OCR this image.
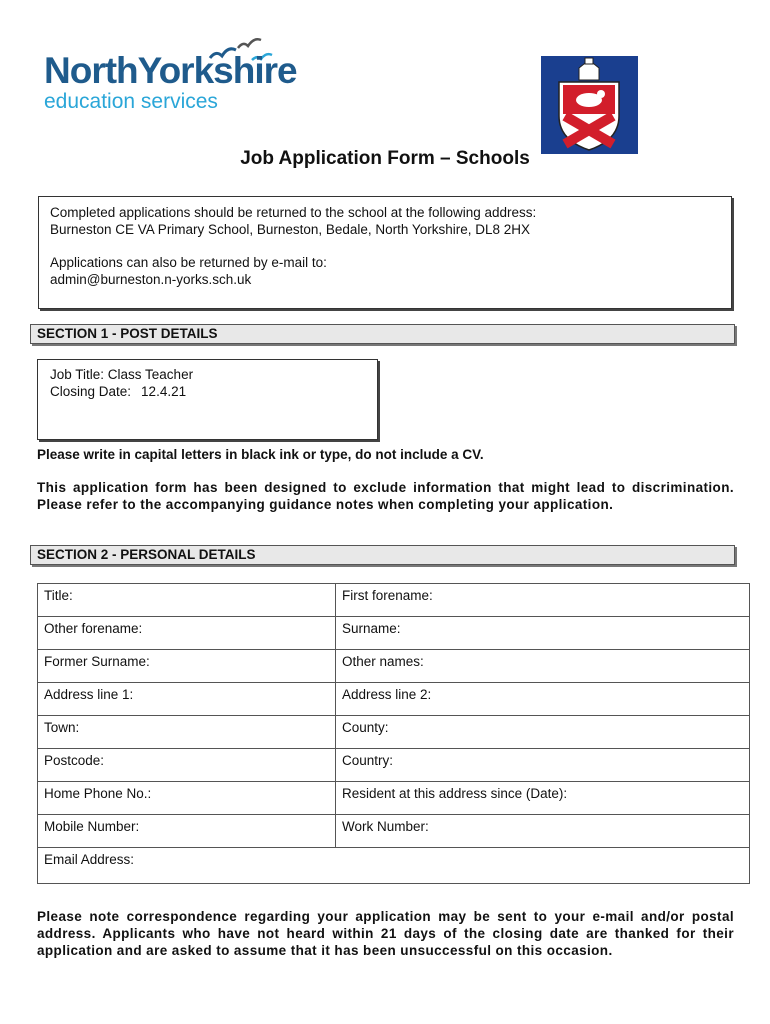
NorthYorkshire
education services
Job Application Form – Schools

Completed applications should be returned to the school at the following address:

Burneston CE VA Primary School, Burneston, Bedale, North Yorkshire, DL8 2HX

Applications can also be returned by e-mail to:

admin@burneston.n-yorks.sch.uk

SECTION 1 - POST DETAILS

Job Title: Class Teacher

Closing Date: 12.4.21

Please write in capital letters in black ink or type, do not include a CV.
This application form has been designed to exclude information that might lead to discrimination. Please refer to the accompanying guidance notes when completing your application.
SECTION 2 - PERSONAL DETAILS
Title:	First forename:
Other forename:	Surname:
Former Surname:	Other names:
Address line 1:	Address line 2:
Town:	County:
Postcode:	Country:
Home Phone No.:	Resident at this address since (Date):
Mobile Number:	Work Number:
Email Address:	
Please note correspondence regarding your application may be sent to your e-mail and/or postal address. Applicants who have not heard within 21 days of the closing date are thanked for their application and are asked to assume that it has been unsuccessful on this occasion.
